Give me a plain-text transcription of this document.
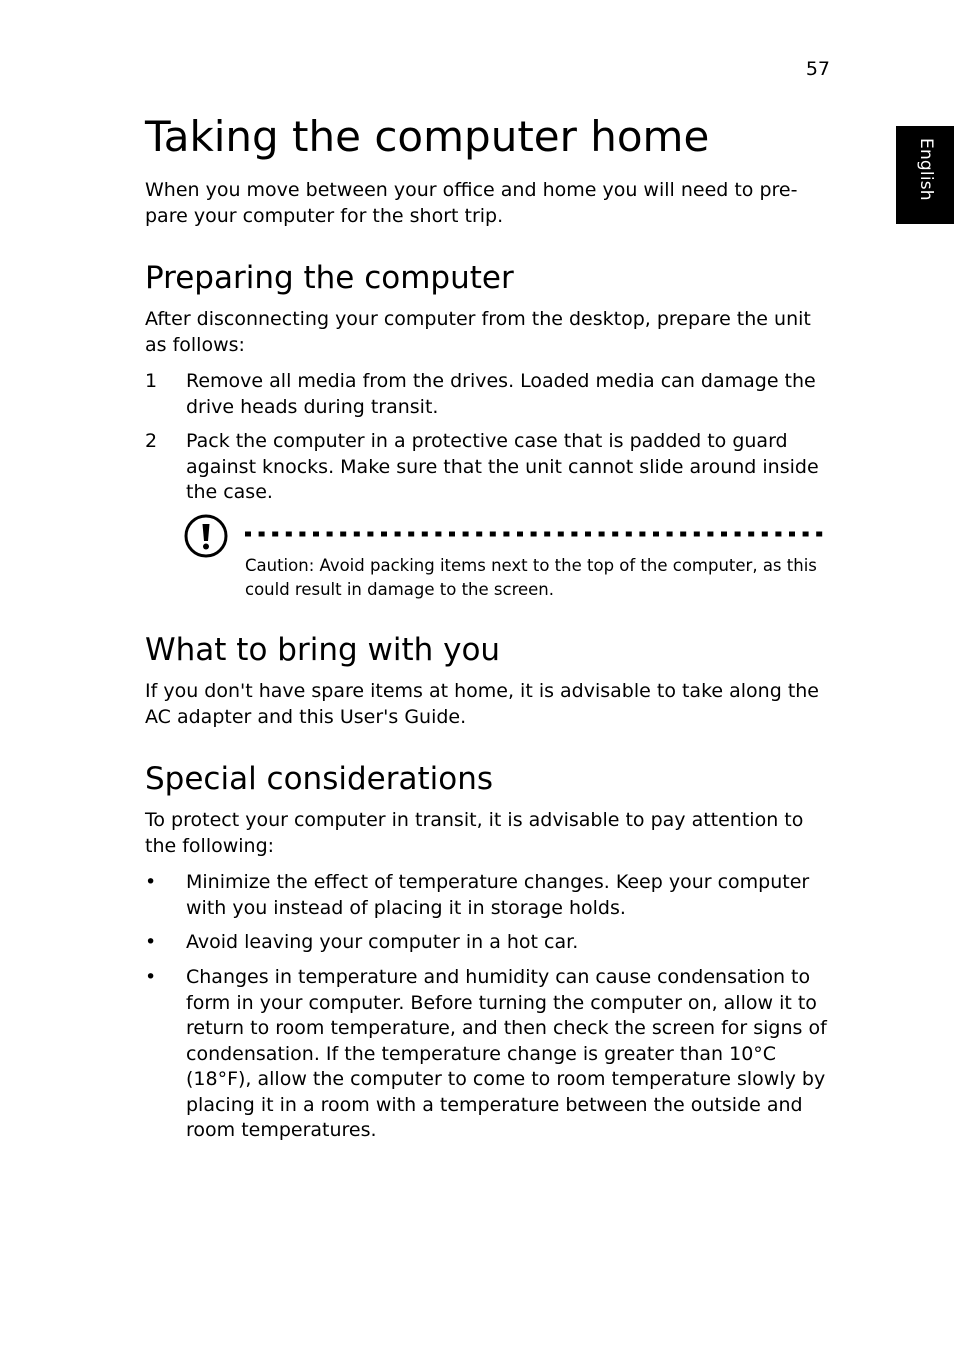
57
English
Taking the computer home

When you move between your office and home you will need to pre-pare your computer for the short trip.

Preparing the computer

After disconnecting your computer from the desktop, prepare the unit as follows:

1	Remove all media from the drives. Loaded media can damage the drive heads during transit.
2	Pack the computer in a protective case that is padded to guard against knocks. Make sure that the unit cannot slide around inside the case.

Caution: Avoid packing items next to the top of the computer, as this could result in damage to the screen.

What to bring with you

If you don't have spare items at home, it is advisable to take along the AC adapter and this User's Guide.

Special considerations

To protect your computer in transit, it is advisable to pay attention to the following:

•	Minimize the effect of temperature changes. Keep your computer with you instead of placing it in storage holds.
•	Avoid leaving your computer in a hot car.
•	Changes in temperature and humidity can cause condensation to form in your computer. Before turning the computer on, allow it to return to room temperature, and then check the screen for signs of condensation. If the temperature change is greater than 10°C (18°F), allow the computer to come to room temperature slowly by placing it in a room with a temperature between the outside and room temperatures.
